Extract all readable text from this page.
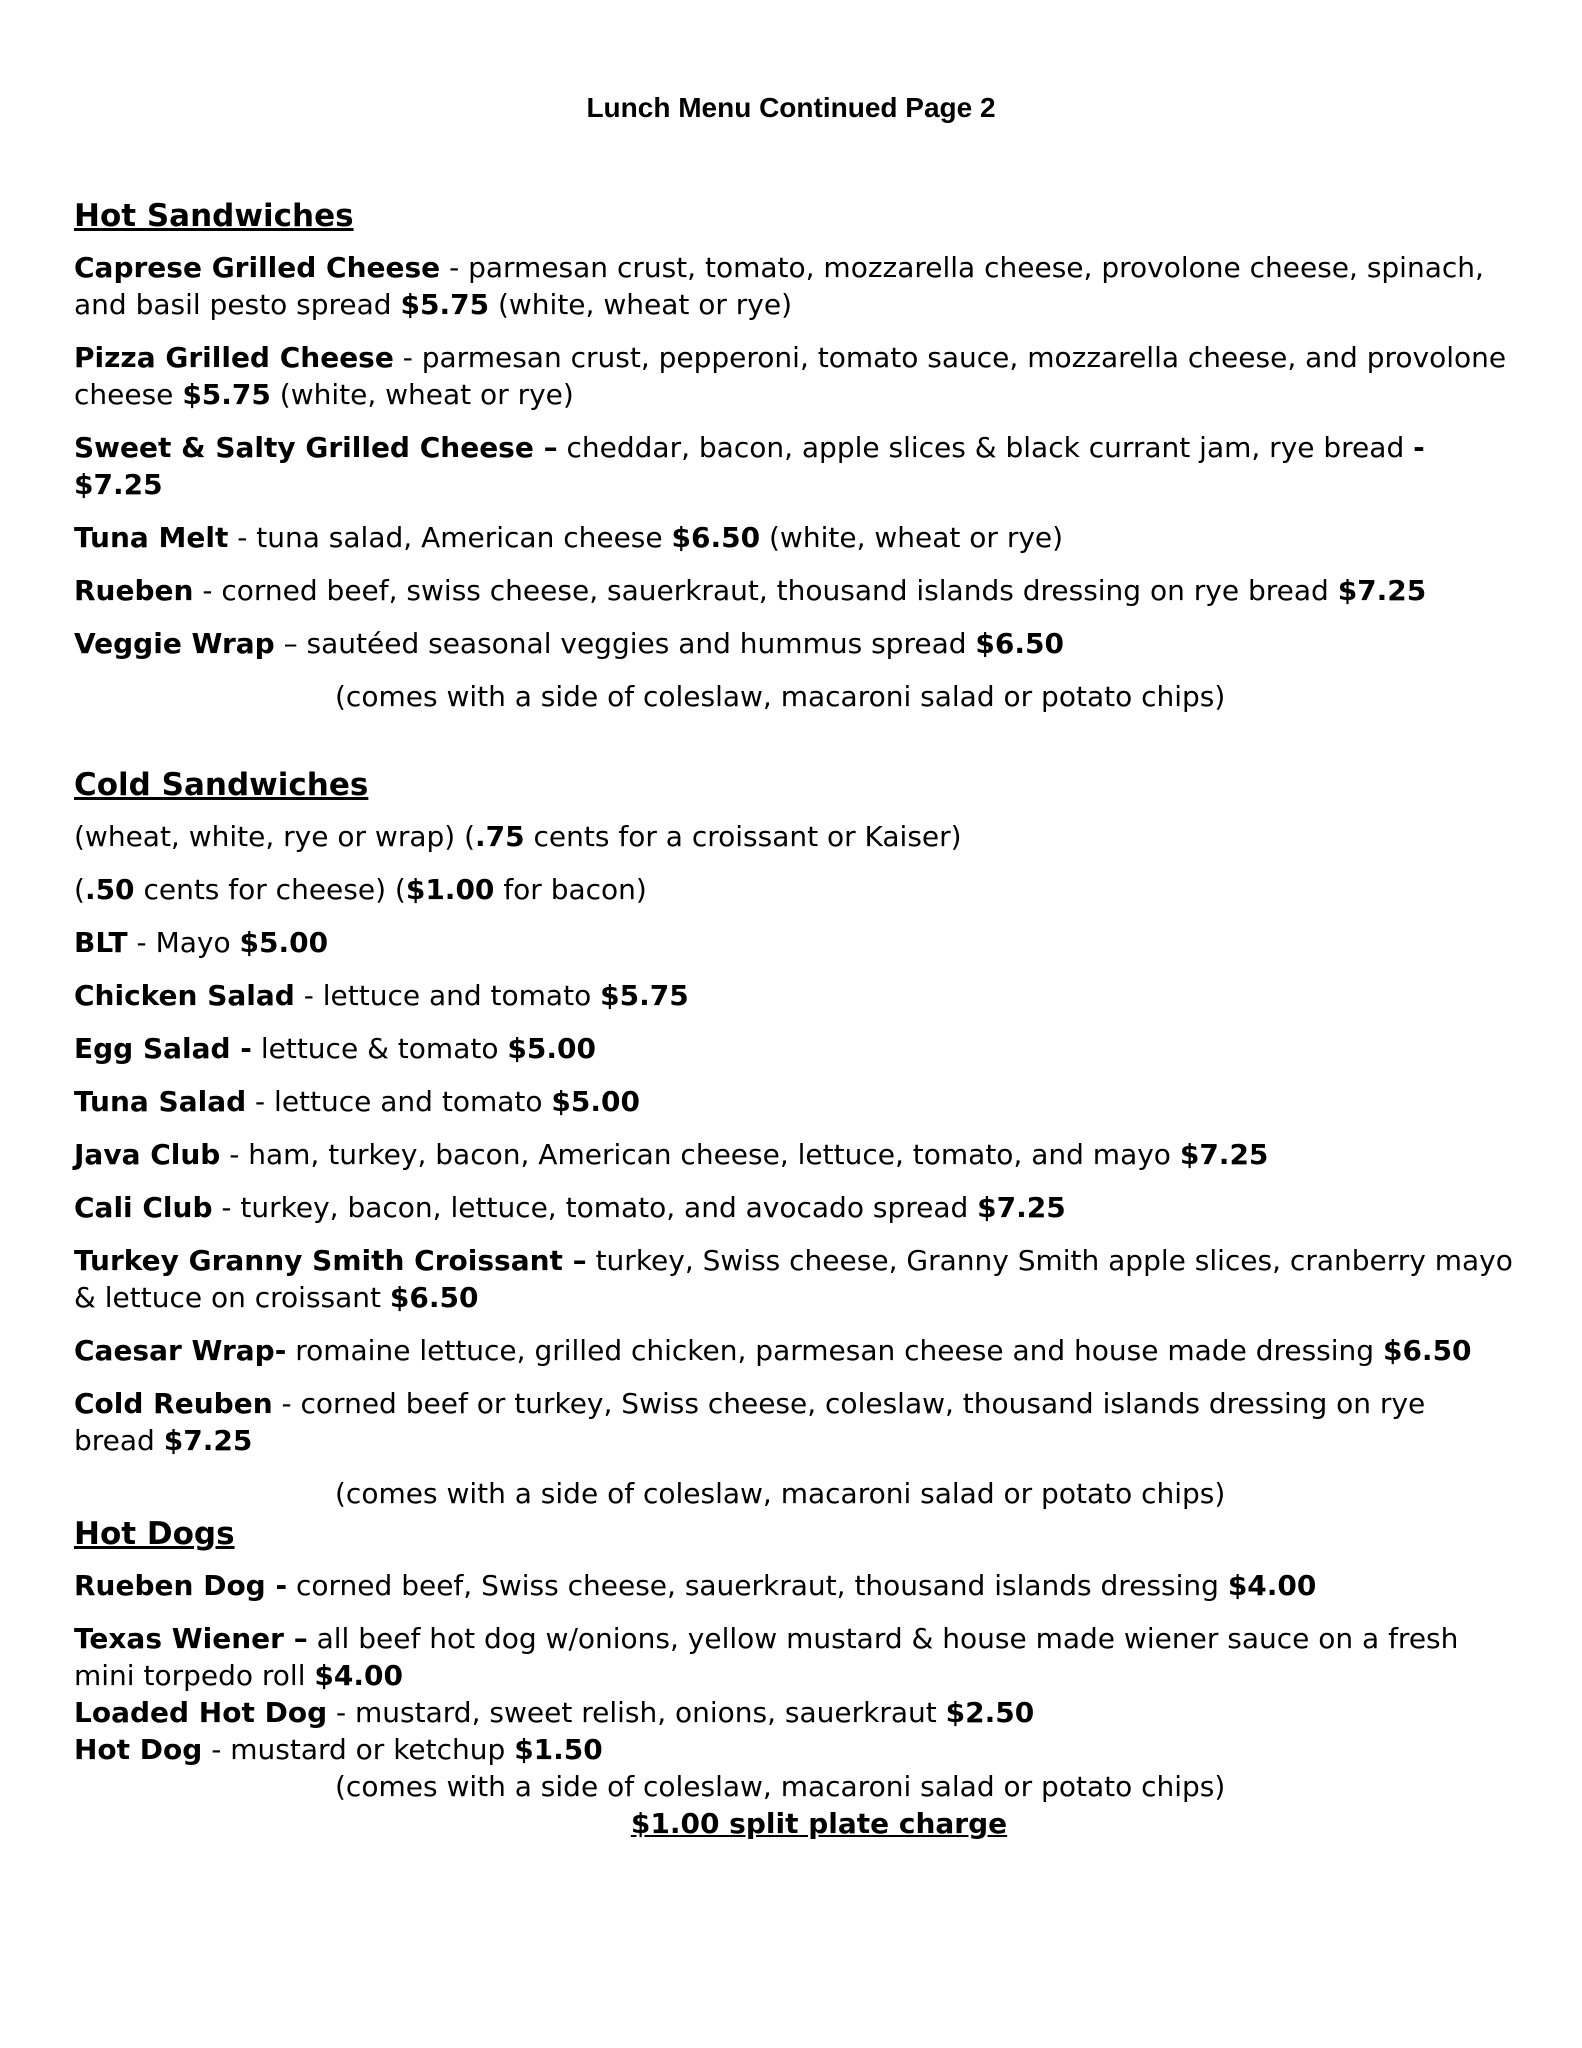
Lunch Menu Continued Page 2
Hot Sandwiches
Caprese Grilled Cheese - parmesan crust, tomato, mozzarella cheese, provolone cheese, spinach, and basil pesto spread $5.75 (white, wheat or rye)
Pizza Grilled Cheese - parmesan crust, pepperoni, tomato sauce, mozzarella cheese, and provolone cheese $5.75 (white, wheat or rye)
Sweet & Salty Grilled Cheese – cheddar, bacon, apple slices & black currant jam, rye bread - $7.25
Tuna Melt - tuna salad, American cheese $6.50 (white, wheat or rye)
Rueben - corned beef, swiss cheese, sauerkraut, thousand islands dressing on rye bread $7.25
Veggie Wrap – sautéed seasonal veggies and hummus spread $6.50
(comes with a side of coleslaw, macaroni salad or potato chips)
Cold Sandwiches
(wheat, white, rye or wrap) (.75 cents for a croissant or Kaiser)
(.50 cents for cheese) ($1.00 for bacon)
BLT - Mayo $5.00
Chicken Salad - lettuce and tomato $5.75
Egg Salad - lettuce & tomato $5.00
Tuna Salad - lettuce and tomato $5.00
Java Club - ham, turkey, bacon, American cheese, lettuce, tomato, and mayo $7.25
Cali Club - turkey, bacon, lettuce, tomato, and avocado spread $7.25
Turkey Granny Smith Croissant – turkey, Swiss cheese, Granny Smith apple slices, cranberry mayo & lettuce on croissant $6.50
Caesar Wrap- romaine lettuce, grilled chicken, parmesan cheese and house made dressing $6.50
Cold Reuben - corned beef or turkey, Swiss cheese, coleslaw, thousand islands dressing on rye bread $7.25
(comes with a side of coleslaw, macaroni salad or potato chips)
Hot Dogs
Rueben Dog - corned beef, Swiss cheese, sauerkraut, thousand islands dressing $4.00
Texas Wiener – all beef hot dog w/onions, yellow mustard & house made wiener sauce on a fresh mini torpedo roll $4.00
Loaded Hot Dog - mustard, sweet relish, onions, sauerkraut $2.50
Hot Dog - mustard or ketchup $1.50
(comes with a side of coleslaw, macaroni salad or potato chips)
$1.00 split plate charge
